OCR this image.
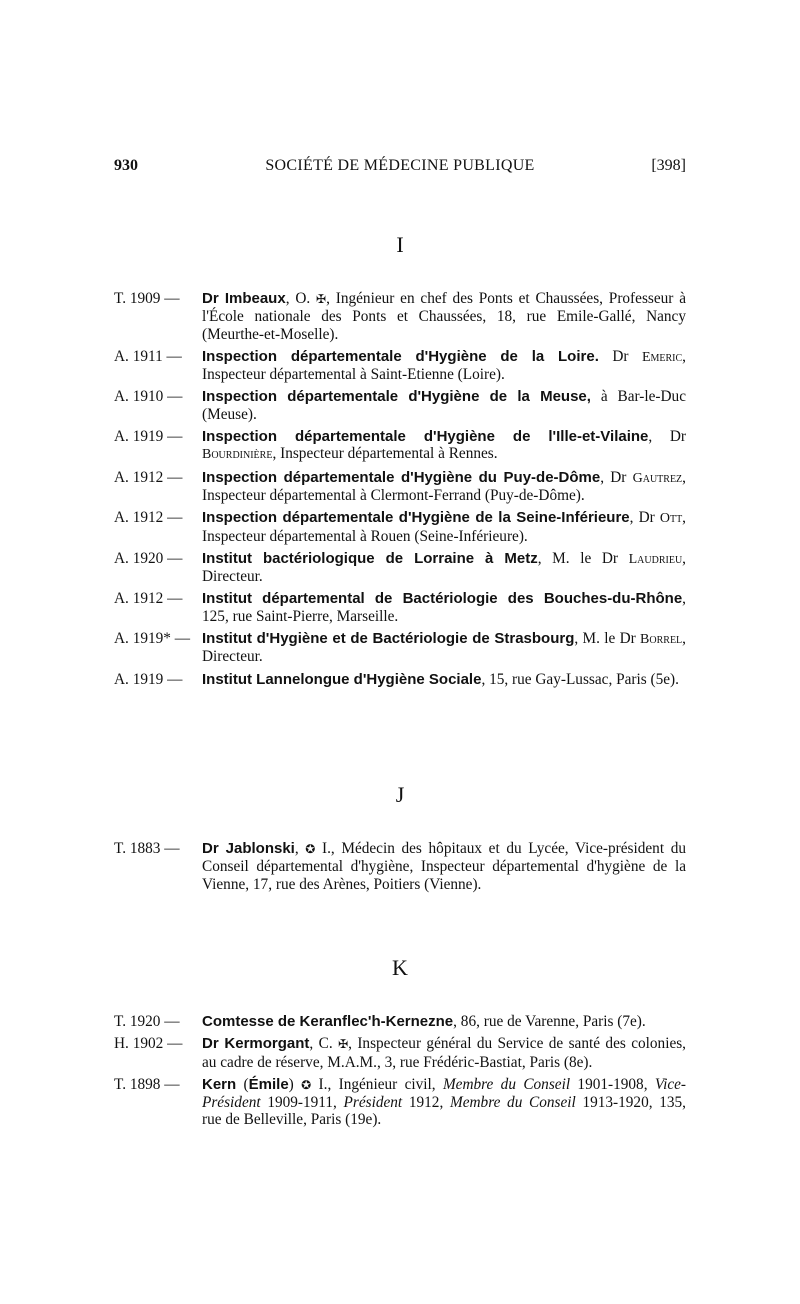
930	SOCIÉTÉ DE MÉDECINE PUBLIQUE	[398]
I
T. 1909 —	Dr Imbeaux, O. ✠, Ingénieur en chef des Ponts et Chaussées, Professeur à l'École nationale des Ponts et Chaussées, 18, rue Emile-Gallé, Nancy (Meurthe-et-Moselle).
A. 1911 —	Inspection départementale d'Hygiène de la Loire. Dr Emeric, Inspecteur départemental à Saint-Etienne (Loire).
A. 1910 —	Inspection départementale d'Hygiène de la Meuse, à Bar-le-Duc (Meuse).
A. 1919 —	Inspection départementale d'Hygiène de l'Ille-et-Vilaine, Dr Bourdinière, Inspecteur départemental à Rennes.
A. 1912 —	Inspection départementale d'Hygiène du Puy-de-Dôme, Dr Gautrez, Inspecteur départemental à Clermont-Ferrand (Puy-de-Dôme).
A. 1912 —	Inspection départementale d'Hygiène de la Seine-Inférieure, Dr Ott, Inspecteur départemental à Rouen (Seine-Inférieure).
A. 1920 —	Institut bactériologique de Lorraine à Metz, M. le Dr Laudrieu, Directeur.
A. 1912 —	Institut départemental de Bactériologie des Bouches-du-Rhône, 125, rue Saint-Pierre, Marseille.
A. 1919* — Institut d'Hygiène et de Bactériologie de Strasbourg, M. le Dr Borrel, Directeur.
A. 1919 —	Institut Lannelongue d'Hygiène Sociale, 15, rue Gay-Lussac, Paris (5e).
J
T. 1883 —	Dr Jablonski, ✪ I., Médecin des hôpitaux et du Lycée, Vice-président du Conseil départemental d'hygiène, Inspecteur départemental d'hygiène de la Vienne, 17, rue des Arènes, Poitiers (Vienne).
K
T. 1920 —	Comtesse de Keranflec'h-Kernezne, 86, rue de Varenne, Paris (7e).
H. 1902 —	Dr Kermorgant, C. ✠, Inspecteur général du Service de santé des colonies, au cadre de réserve, M.A.M., 3, rue Frédéric-Bastiat, Paris (8e).
T. 1898 —	Kern (Émile) ✪ I., Ingénieur civil, Membre du Conseil 1901-1908, Vice-Président 1909-1911, Président 1912, Membre du Conseil 1913-1920, 135, rue de Belleville, Paris (19e).
